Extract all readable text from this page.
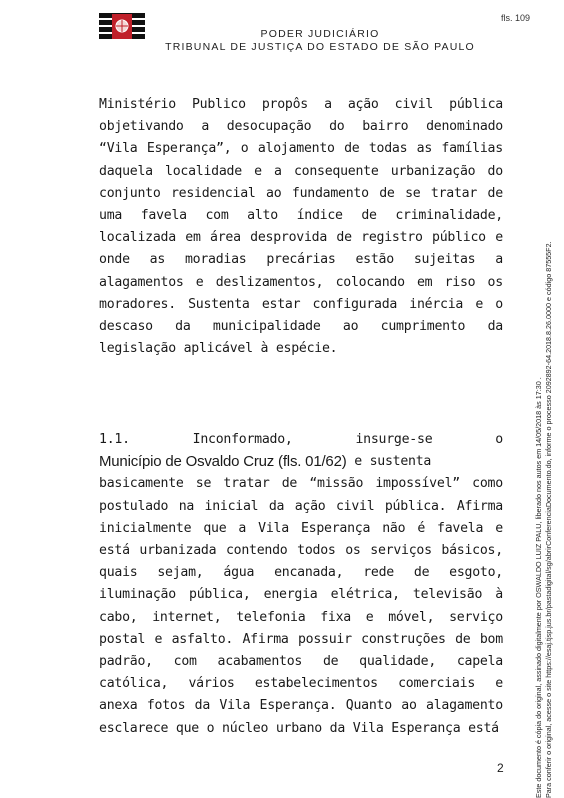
fls. 109
PODER JUDICIÁRIO
TRIBUNAL DE JUSTIÇA DO ESTADO DE SÃO PAULO
Ministério Publico propôs a ação civil pública
objetivando a desocupação do bairro denominado
“Vila Esperança”, o alojamento de todas as famílias
daquela localidade e a consequente urbanização do
conjunto residencial ao fundamento de se tratar de
uma favela com alto índice de criminalidade,
localizada em área desprovida de registro público e
onde as moradias precárias estão sujeitas a
alagamentos e deslizamentos, colocando em riso os
moradores. Sustenta estar configurada inércia e o
descaso da municipalidade ao cumprimento da
legislação aplicável à espécie.
1.1.	Inconformado,	insurge-se	o
Município de Osvaldo Cruz (fls. 01/62) e sustenta
basicamente se tratar de “missão impossível” como
postulado na inicial da ação civil pública. Afirma
inicialmente que a Vila Esperança não é favela e
está urbanizada contendo todos os serviços básicos,
quais sejam, água encanada, rede de esgoto,
iluminação pública, energia elétrica, televisão à
cabo, internet, telefonia fixa e móvel, serviço
postal e asfalto. Afirma possuir construções de bom
padrão, com acabamentos de qualidade, capela
católica, vários estabelecimentos comerciais e
anexa fotos da Vila Esperança. Quanto ao alagamento
esclarece que o núcleo urbano da Vila Esperança está
2	Este documento é cópia do original, assinado digitalmente por OSWALDO LUIZ PALU, liberado nos autos em 14/05/2018 às 17:30 . Para conferir o original, acesse o site https://esaj.tjsp.jus.br/pastadigital/sg/abrirConferenciaDocumento.do, informe o processo 2092892-64.2018.8.26.0000 e código 87555F2.
